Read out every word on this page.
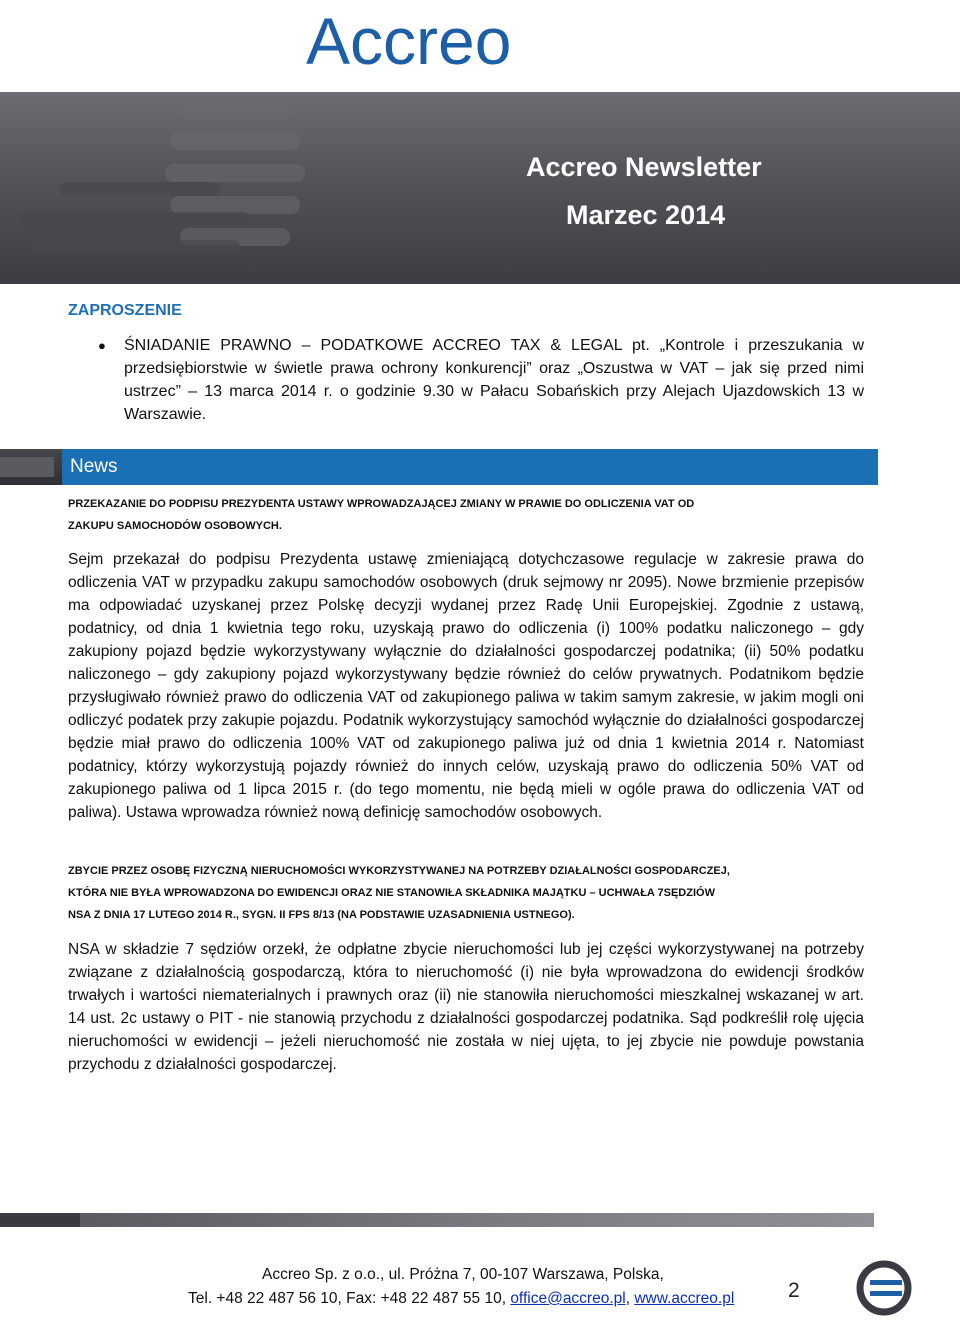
Accreo
Accreo Newsletter
Marzec 2014
ZAPROSZENIE
●	ŚNIADANIE PRAWNO – PODATKOWE ACCREO TAX & LEGAL pt. „Kontrole i przeszukania w przedsiębiorstwie w świetle prawa ochrony konkurencji” oraz „Oszustwa w VAT – jak się przed nimi ustrzec” – 13 marca 2014 r. o godzinie 9.30 w Pałacu Sobańskich przy Alejach Ujazdowskich 13 w Warszawie.
News
PRZEKAZANIE DO PODPISU PREZYDENTA USTAWY WPROWADZAJĄCEJ ZMIANY W PRAWIE DO ODLICZENIA VAT OD
ZAKUPU SAMOCHODÓW OSOBOWYCH.
Sejm przekazał do podpisu Prezydenta ustawę zmieniającą dotychczasowe regulacje w zakresie prawa do odliczenia VAT w przypadku zakupu samochodów osobowych (druk sejmowy nr 2095). Nowe brzmienie przepisów ma odpowiadać uzyskanej przez Polskę decyzji wydanej przez Radę Unii Europejskiej. Zgodnie z ustawą, podatnicy, od dnia 1 kwietnia tego roku, uzyskają prawo do odliczenia (i) 100% podatku naliczonego – gdy zakupiony pojazd będzie wykorzystywany wyłącznie do działalności gospodarczej podatnika; (ii) 50% podatku naliczonego – gdy zakupiony pojazd wykorzystywany będzie również do celów prywatnych. Podatnikom będzie przysługiwało również prawo do odliczenia VAT od zakupionego paliwa w takim samym zakresie, w jakim mogli oni odliczyć podatek przy zakupie pojazdu. Podatnik wykorzystujący samochód wyłącznie do działalności gospodarczej będzie miał prawo do odliczenia 100% VAT od zakupionego paliwa już od dnia 1 kwietnia 2014 r. Natomiast podatnicy, którzy wykorzystują pojazdy również do innych celów, uzyskają prawo do odliczenia 50% VAT od zakupionego paliwa od 1 lipca 2015 r. (do tego momentu, nie będą mieli w ogóle prawa do odliczenia VAT od paliwa). Ustawa wprowadza również nową definicję samochodów osobowych.
ZBYCIE PRZEZ OSOBĘ FIZYCZNĄ NIERUCHOMOŚCI WYKORZYSTYWANEJ NA POTRZEBY DZIAŁALNOŚCI GOSPODARCZEJ,
KTÓRA NIE BYŁA WPROWADZONA DO EWIDENCJI ORAZ NIE STANOWIŁA SKŁADNIKA MAJĄTKU – UCHWAŁA 7SĘDZIÓW
NSA Z DNIA 17 LUTEGO 2014 R., SYGN. II FPS 8/13 (NA PODSTAWIE UZASADNIENIA USTNEGO).
NSA w składzie 7 sędziów orzekł, że odpłatne zbycie nieruchomości lub jej części wykorzystywanej na potrzeby związane z działalnością gospodarczą, która to nieruchomość (i) nie była wprowadzona do ewidencji środków trwałych i wartości niematerialnych i prawnych oraz (ii) nie stanowiła nieruchomości mieszkalnej wskazanej w art. 14 ust. 2c ustawy o PIT - nie stanowią przychodu z działalności gospodarczej podatnika. Sąd podkreślił rolę ujęcia nieruchomości w ewidencji – jeżeli nieruchomość nie została w niej ujęta, to jej zbycie nie powduje powstania przychodu z działalności gospodarczej.
Accreo Sp. z o.o., ul. Próżna 7, 00-107 Warszawa, Polska,
Tel. +48 22 487 56 10, Fax: +48 22 487 55 10, office@accreo.pl, www.accreo.pl	2
